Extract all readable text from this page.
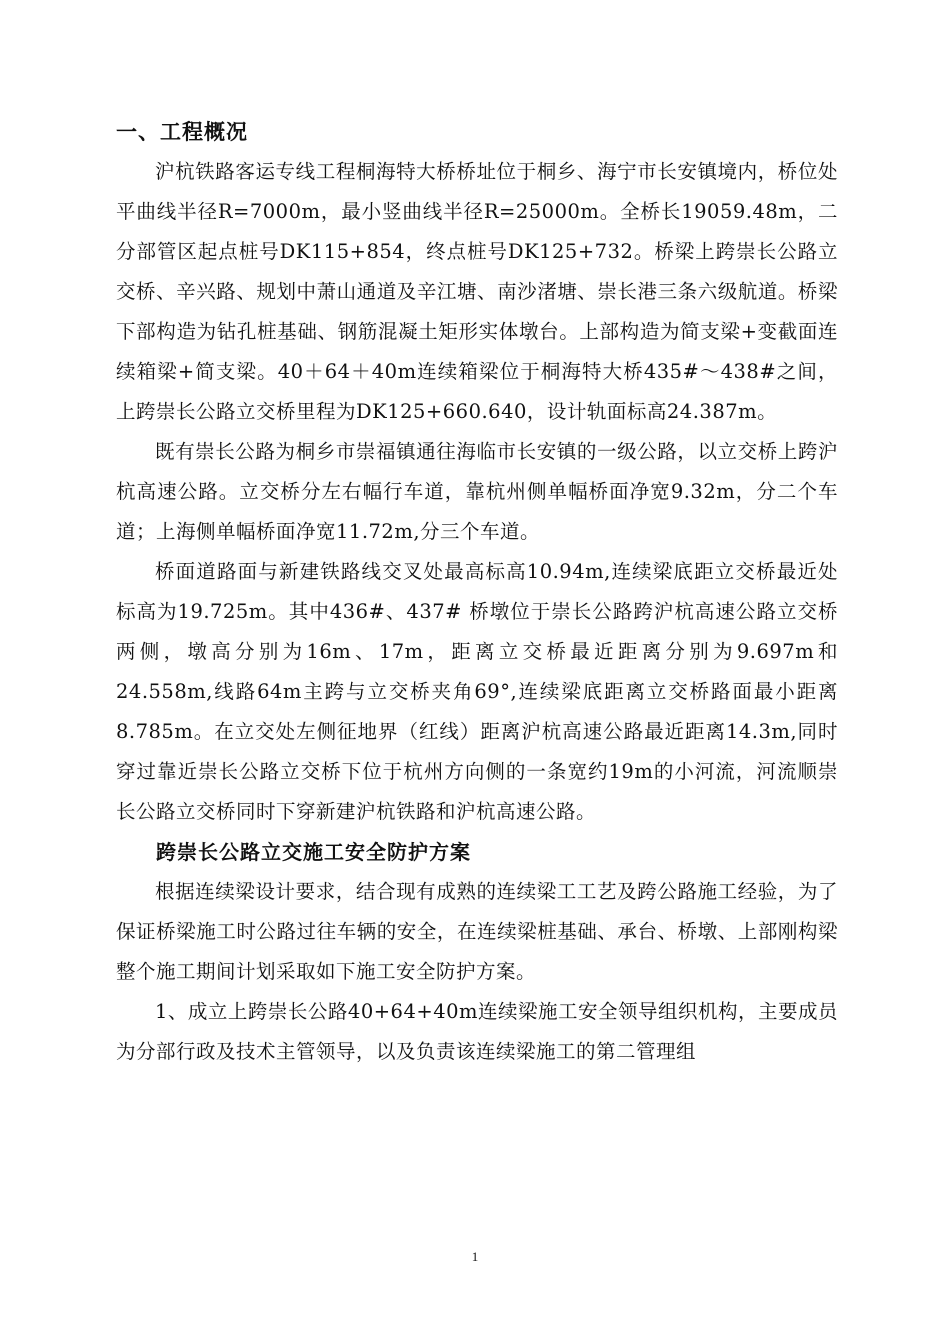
一、工程概况

沪杭铁路客运专线工程桐海特大桥桥址位于桐乡、海宁市长安镇境内，桥位处平曲线半径R=7000m，最小竖曲线半径R=25000m。全桥长19059.48m，二分部管区起点桩号DK115+854，终点桩号DK125+732。桥梁上跨崇长公路立交桥、辛兴路、规划中萧山通道及辛江塘、南沙渚塘、崇长港三条六级航道。桥梁下部构造为钻孔桩基础、钢筋混凝土矩形实体墩台。上部构造为简支梁+变截面连续箱梁+简支梁。40＋64＋40m连续箱梁位于桐海特大桥435#～438#之间，上跨崇长公路立交桥里程为DK125+660.640，设计轨面标高24.387m。

既有崇长公路为桐乡市崇福镇通往海临市长安镇的一级公路，以立交桥上跨沪杭高速公路。立交桥分左右幅行车道，靠杭州侧单幅桥面净宽9.32m，分二个车道；上海侧单幅桥面净宽11.72m,分三个车道。

桥面道路面与新建铁路线交叉处最高标高10.94m,连续梁底距立交桥最近处标高为19.725m。其中436#、437# 桥墩位于崇长公路跨沪杭高速公路立交桥两侧，墩高分别为16m、17m，距离立交桥最近距离分别为9.697m和24.558m,线路64m主跨与立交桥夹角69°,连续梁底距离立交桥路面最小距离8.785m。在立交处左侧征地界（红线）距离沪杭高速公路最近距离14.3m,同时穿过靠近崇长公路立交桥下位于杭州方向侧的一条宽约19m的小河流，河流顺崇长公路立交桥同时下穿新建沪杭铁路和沪杭高速公路。

跨崇长公路立交施工安全防护方案

根据连续梁设计要求，结合现有成熟的连续梁工工艺及跨公路施工经验，为了保证桥梁施工时公路过往车辆的安全，在连续梁桩基础、承台、桥墩、上部刚构梁整个施工期间计划采取如下施工安全防护方案。

1、成立上跨崇长公路40+64+40m连续梁施工安全领导组织机构，主要成员为分部行政及技术主管领导，以及负责该连续梁施工的第二管理组

1
